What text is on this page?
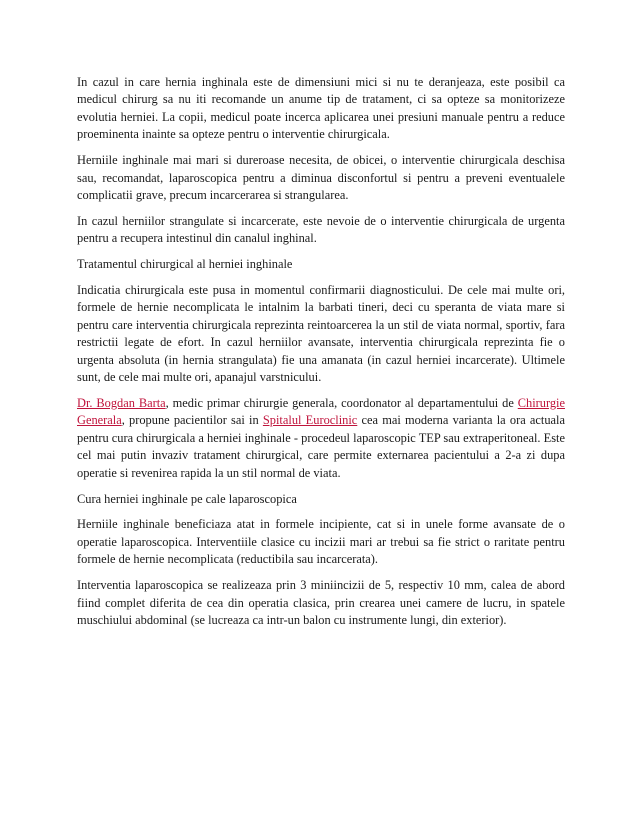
In cazul in care hernia inghinala este de dimensiuni mici si nu te deranjeaza, este posibil ca medicul chirurg sa nu iti recomande un anume tip de tratament, ci sa opteze sa monitorizeze evolutia herniei. La copii, medicul poate incerca aplicarea unei presiuni manuale pentru a reduce proeminenta inainte sa opteze pentru o interventie chirurgicala.

Herniile inghinale mai mari si dureroase necesita, de obicei, o interventie chirurgicala deschisa sau, recomandat, laparoscopica pentru a diminua disconfortul si pentru a preveni eventualele complicatii grave, precum incarcerarea si strangularea.

In cazul herniilor strangulate si incarcerate, este nevoie de o interventie chirurgicala de urgenta pentru a recupera intestinul din canalul inghinal.

Tratamentul chirurgical al herniei inghinale

Indicatia chirurgicala este pusa in momentul confirmarii diagnosticului. De cele mai multe ori, formele de hernie necomplicata le intalnim la barbati tineri, deci cu speranta de viata mare si pentru care interventia chirurgicala reprezinta reintoarcerea la un stil de viata normal, sportiv, fara restrictii legate de efort. In cazul herniilor avansate, interventia chirurgicala reprezinta fie o urgenta absoluta (in hernia strangulata) fie una amanata (in cazul herniei incarcerate). Ultimele sunt, de cele mai multe ori, apanajul varstnicului.

Dr. Bogdan Barta, medic primar chirurgie generala, coordonator al departamentului de Chirurgie Generala, propune pacientilor sai in Spitalul Euroclinic cea mai moderna varianta la ora actuala pentru cura chirurgicala a herniei inghinale - procedeul laparoscopic TEP sau extraperitoneal. Este cel mai putin invaziv tratament chirurgical, care permite externarea pacientului a 2-a zi dupa operatie si revenirea rapida la un stil normal de viata.

Cura herniei inghinale pe cale laparoscopica

Herniile inghinale beneficiaza atat in formele incipiente, cat si in unele forme avansate de o operatie laparoscopica. Interventiile clasice cu incizii mari ar trebui sa fie strict o raritate pentru formele de hernie necomplicata (reductibila sau incarcerata).

Interventia laparoscopica se realizeaza prin 3 miniincizii de 5, respectiv 10 mm, calea de abord fiind complet diferita de cea din operatia clasica, prin crearea unei camere de lucru, in spatele muschiului abdominal (se lucreaza ca intr-un balon cu instrumente lungi, din exterior).
